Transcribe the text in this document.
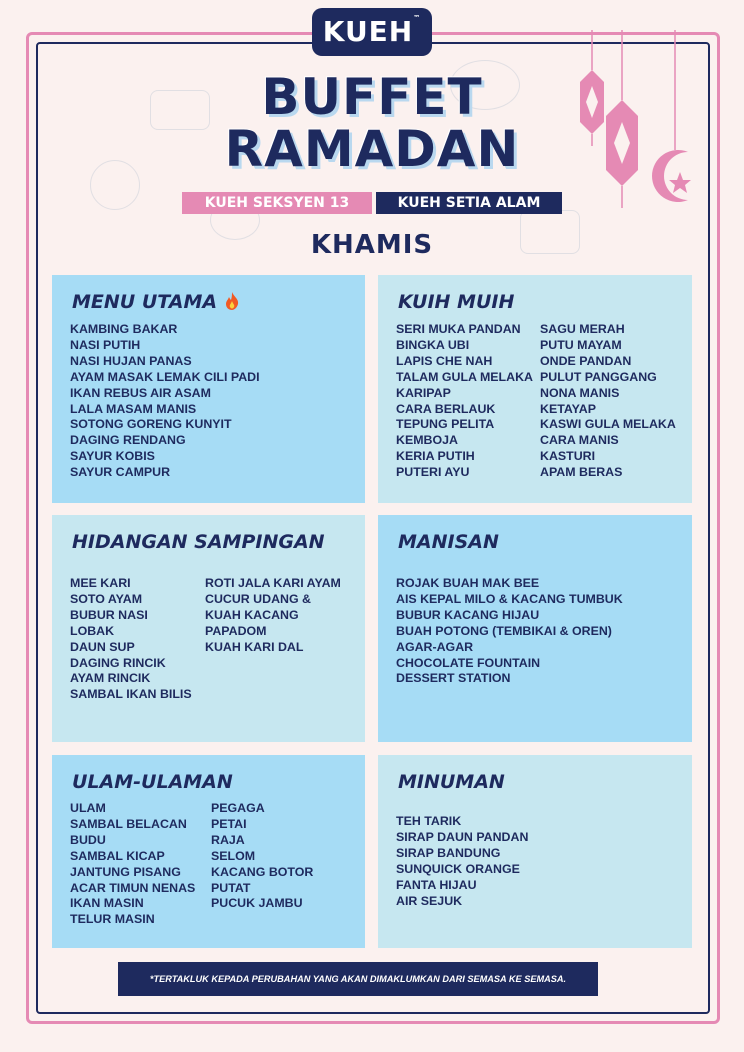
KUEH™
BUFFET
RAMADAN
KUEH SEKSYEN 13	KUEH SETIA ALAM
KHAMIS
MENU UTAMA
KAMBING BAKAR
NASI PUTIH
NASI HUJAN PANAS
AYAM MASAK LEMAK CILI PADI
IKAN REBUS AIR ASAM
LALA MASAM MANIS
SOTONG GORENG KUNYIT
DAGING RENDANG
SAYUR KOBIS
SAYUR CAMPUR
KUIH MUIH
SERI MUKA PANDAN
BINGKA UBI
LAPIS CHE NAH
TALAM GULA MELAKA
KARIPAP
CARA BERLAUK
TEPUNG PELITA
KEMBOJA
KERIA PUTIH
PUTERI AYU
SAGU MERAH
PUTU MAYAM
ONDE PANDAN
PULUT PANGGANG
NONA MANIS
KETAYAP
KASWI GULA MELAKA
CARA MANIS
KASTURI
APAM BERAS
HIDANGAN SAMPINGAN
MEE KARI
SOTO AYAM
BUBUR NASI
LOBAK
DAUN SUP
DAGING RINCIK
AYAM RINCIK
SAMBAL IKAN BILIS
ROTI JALA KARI AYAM
CUCUR UDANG &
KUAH KACANG
PAPADOM
KUAH KARI DAL
MANISAN
ROJAK BUAH MAK BEE
AIS KEPAL MILO & KACANG TUMBUK
BUBUR KACANG HIJAU
BUAH POTONG (TEMBIKAI & OREN)
AGAR-AGAR
CHOCOLATE FOUNTAIN
DESSERT STATION
ULAM-ULAMAN
ULAM
SAMBAL BELACAN
BUDU
SAMBAL KICAP
JANTUNG PISANG
ACAR TIMUN NENAS
IKAN MASIN
TELUR MASIN
PEGAGA
PETAI
RAJA
SELOM
KACANG BOTOR
PUTAT
PUCUK JAMBU
MINUMAN
TEH TARIK
SIRAP DAUN PANDAN
SIRAP BANDUNG
SUNQUICK ORANGE
FANTA HIJAU
AIR SEJUK
*TERTAKLUK KEPADA PERUBAHAN YANG AKAN DIMAKLUMKAN DARI SEMASA KE SEMASA.
